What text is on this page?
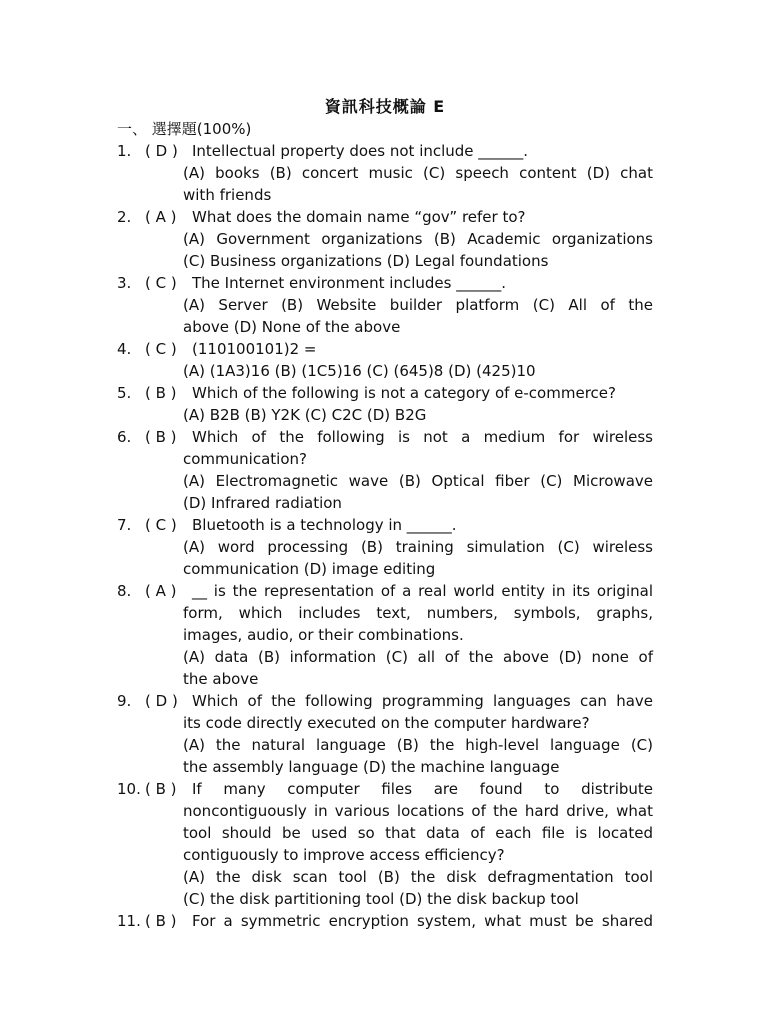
資訊科技概論 E
一、 選擇題(100%)
1. ( D ) Intellectual property does not include ______.
(A) books (B) concert music (C) speech content (D) chat
with friends
2. ( A ) What does the domain name “gov” refer to?
(A) Government organizations (B) Academic organizations
(C) Business organizations (D) Legal foundations
3. ( C ) The Internet environment includes ______.
(A) Server (B) Website builder platform (C) All of the
above (D) None of the above
4. ( C ) (110100101)2 =
(A) (1A3)16 (B) (1C5)16 (C) (645)8 (D) (425)10
5. ( B ) Which of the following is not a category of e-commerce?
(A) B2B (B) Y2K (C) C2C (D) B2G
6. ( B ) Which of the following is not a medium for wireless
communication?
(A) Electromagnetic wave (B) Optical fiber (C) Microwave
(D) Infrared radiation
7. ( C ) Bluetooth is a technology in ______.
(A) word processing (B) training simulation (C) wireless
communication (D) image editing
8. ( A ) __ is the representation of a real world entity in its original
form, which includes text, numbers, symbols, graphs,
images, audio, or their combinations.
(A) data (B) information (C) all of the above (D) none of
the above
9. ( D ) Which of the following programming languages can have
its code directly executed on the computer hardware?
(A) the natural language (B) the high-level language (C)
the assembly language (D) the machine language
10. ( B ) If many computer files are found to distribute
noncontiguously in various locations of the hard drive, what
tool should be used so that data of each file is located
contiguously to improve access efficiency?
(A) the disk scan tool (B) the disk defragmentation tool
(C) the disk partitioning tool (D) the disk backup tool
11. ( B ) For a symmetric encryption system, what must be shared
